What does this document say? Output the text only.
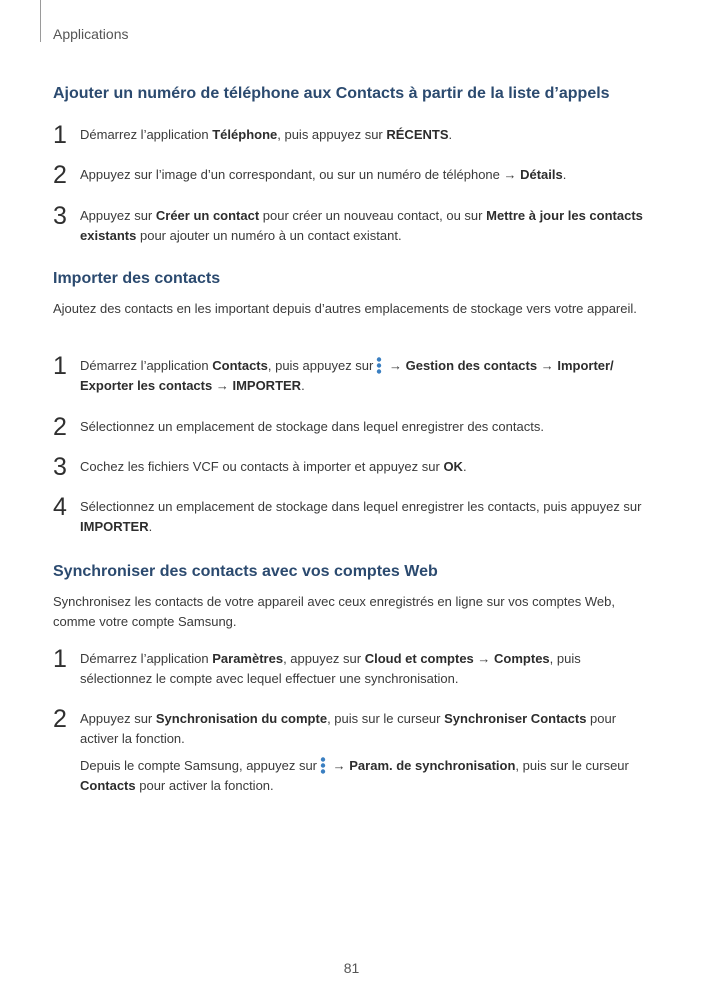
Applications
Ajouter un numéro de téléphone aux Contacts à partir de la liste d’appels
1	Démarrez l’application Téléphone, puis appuyez sur RÉCENTS.
2	Appuyez sur l’image d’un correspondant, ou sur un numéro de téléphone → Détails.
3	Appuyez sur Créer un contact pour créer un nouveau contact, ou sur Mettre à jour les contacts existants pour ajouter un numéro à un contact existant.
Importer des contacts

Ajoutez des contacts en les important depuis d’autres emplacements de stockage vers votre appareil.

1	Démarrez l’application Contacts, puis appuyez sur → Gestion des contacts → Importer/ Exporter les contacts → IMPORTER.
2	Sélectionnez un emplacement de stockage dans lequel enregistrer des contacts.
3	Cochez les fichiers VCF ou contacts à importer et appuyez sur OK.
4	Sélectionnez un emplacement de stockage dans lequel enregistrer les contacts, puis appuyez sur IMPORTER.
Synchroniser des contacts avec vos comptes Web

Synchronisez les contacts de votre appareil avec ceux enregistrés en ligne sur vos comptes Web, comme votre compte Samsung.

1	Démarrez l’application Paramètres, appuyez sur Cloud et comptes → Comptes, puis sélectionnez le compte avec lequel effectuer une synchronisation.
2	Appuyez sur Synchronisation du compte, puis sur le curseur Synchroniser Contacts pour activer la fonction.
Depuis le compte Samsung, appuyez sur → Param. de synchronisation, puis sur le curseur Contacts pour activer la fonction.
81
